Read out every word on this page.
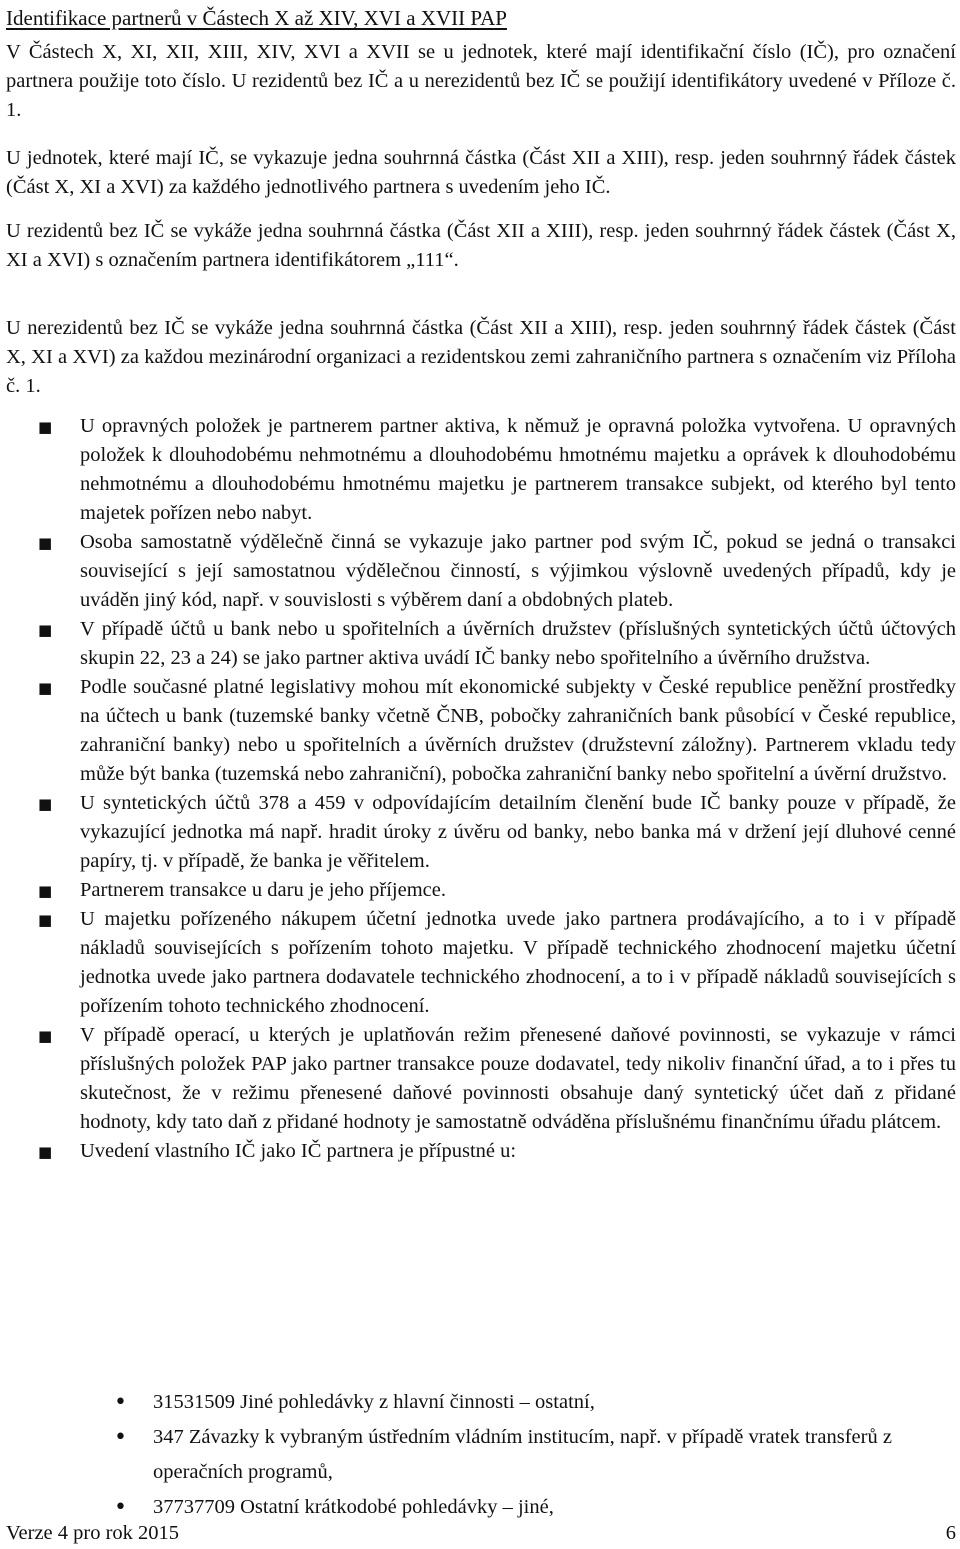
Identifikace partnerů v Částech X až XIV, XVI a XVII PAP

V Částech X, XI, XII, XIII, XIV, XVI a XVII se u jednotek, které mají identifikační číslo (IČ), pro označení partnera použije toto číslo. U rezidentů bez IČ a u nerezidentů bez IČ se použijí identifikátory uvedené v Příloze č. 1.

U jednotek, které mají IČ, se vykazuje jedna souhrnná částka (Část XII a XIII), resp. jeden souhrnný řádek částek (Část X, XI a XVI) za každého jednotlivého partnera s uvedením jeho IČ.

U rezidentů bez IČ se vykáže jedna souhrnná částka (Část XII a XIII), resp. jeden souhrnný řádek částek (Část X, XI a XVI) s označením partnera identifikátorem „111“.

U nerezidentů bez IČ se vykáže jedna souhrnná částka (Část XII a XIII), resp. jeden souhrnný řádek částek (Část X, XI a XVI) za každou mezinárodní organizaci a rezidentskou zemi zahraničního partnera s označením viz Příloha č. 1.

■ U opravných položek je partnerem partner aktiva, k němuž je opravná položka vytvořena. U opravných položek k dlouhodobému nehmotnému a dlouhodobému hmotnému majetku a oprávek k dlouhodobému nehmotnému a dlouhodobému hmotnému majetku je partnerem transakce subjekt, od kterého byl tento majetek pořízen nebo nabyt.
■ Osoba samostatně výdělečně činná se vykazuje jako partner pod svým IČ, pokud se jedná o transakci související s její samostatnou výdělečnou činností, s výjimkou výslovně uvedených případů, kdy je uváděn jiný kód, např. v souvislosti s výběrem daní a obdobných plateb.
■ V případě účtů u bank nebo u spořitelních a úvěrních družstev (příslušných syntetických účtů účtových skupin 22, 23 a 24) se jako partner aktiva uvádí IČ banky nebo spořitelního a úvěrního družstva.
■ Podle současné platné legislativy mohou mít ekonomické subjekty v České republice peněžní prostředky na účtech u bank (tuzemské banky včetně ČNB, pobočky zahraničních bank působící v České republice, zahraniční banky) nebo u spořitelních a úvěrních družstev (družstevní záložny). Partnerem vkladu tedy může být banka (tuzemská nebo zahraniční), pobočka zahraniční banky nebo spořitelní a úvěrní družstvo.
■ U syntetických účtů 378 a 459 v odpovídajícím detailním členění bude IČ banky pouze v případě, že vykazující jednotka má např. hradit úroky z úvěru od banky, nebo banka má v držení její dluhové cenné papíry, tj. v případě, že banka je věřitelem.
■ Partnerem transakce u daru je jeho příjemce.
■ U majetku pořízeného nákupem účetní jednotka uvede jako partnera prodávajícího, a to i v případě nákladů souvisejících s pořízením tohoto majetku. V případě technického zhodnocení majetku účetní jednotka uvede jako partnera dodavatele technického zhodnocení, a to i v případě nákladů souvisejících s pořízením tohoto technického zhodnocení.
■ V případě operací, u kterých je uplatňován režim přenesené daňové povinnosti, se vykazuje v rámci příslušných položek PAP jako partner transakce pouze dodavatel, tedy nikoliv finanční úřad, a to i přes tu skutečnost, že v režimu přenesené daňové povinnosti obsahuje daný syntetický účet daň z přidané hodnoty, kdy tato daň z přidané hodnoty je samostatně odváděna příslušnému finančnímu úřadu plátcem.
■ Uvedení vlastního IČ jako IČ partnera je přípustné u:
• 31531509 Jiné pohledávky z hlavní činnosti – ostatní,
• 347 Závazky k vybraným ústředním vládním institucím, např. v případě vratek transferů z operačních programů,
• 37737709 Ostatní krátkodobé pohledávky – jiné,
Verze 4 pro rok 2015	6
